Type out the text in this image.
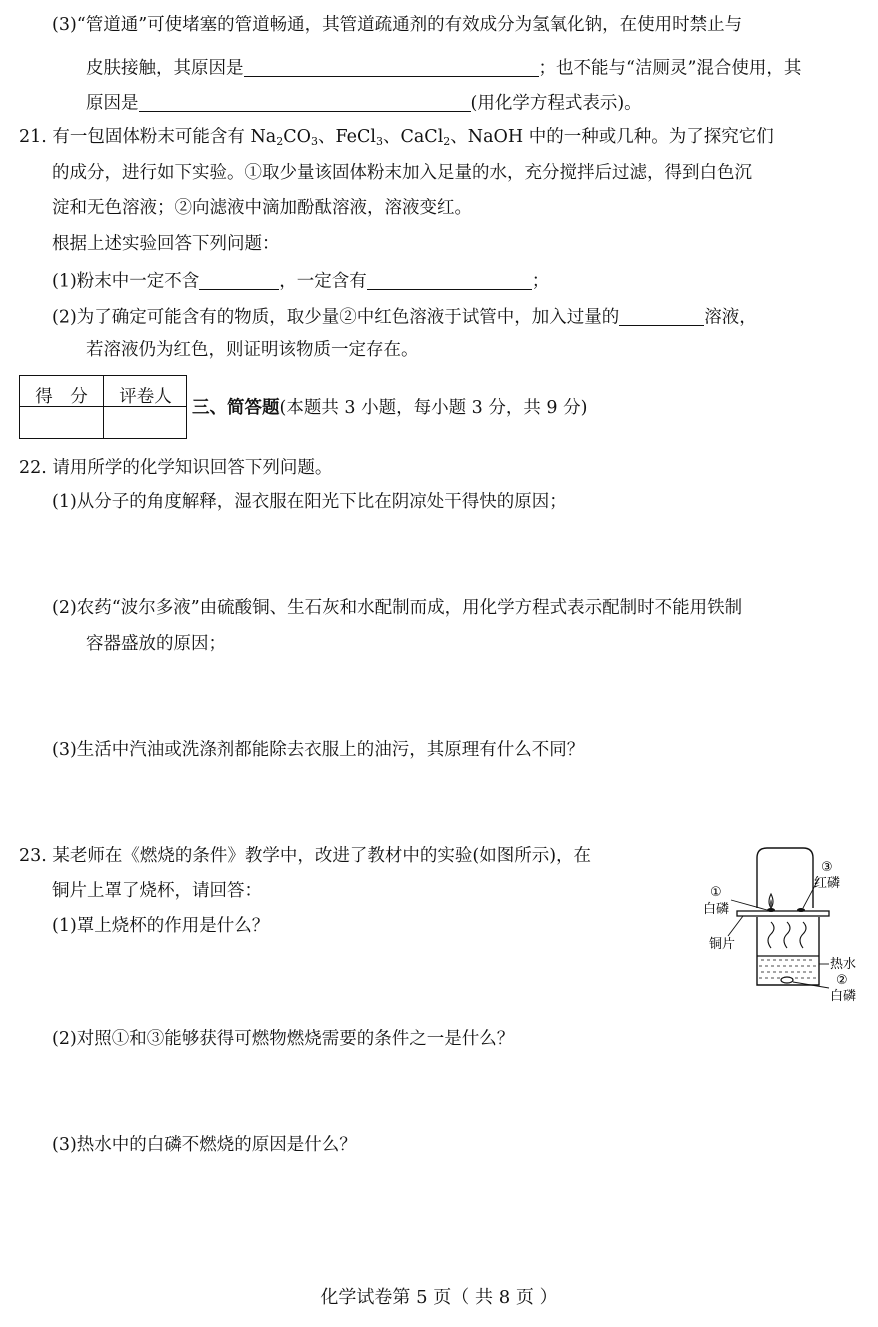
(3)“管道通”可使堵塞的管道畅通，其管道疏通剂的有效成分为氢氧化钠，在使用时禁止与
皮肤接触，其原因是	；也不能与“洁厕灵”混合使用，其
原因是	(用化学方程式表示)。
21. 有一包固体粉末可能含有 $Na_2CO_3$、FeCl$_3$、CaCl$_2$、NaOH 中的一种或几种。为了探究它们
的成分，进行如下实验。①取少量该固体粉末加入足量的水，充分搅拌后过滤，得到白色沉
淀和无色溶液；②向滤液中滴加酚酞溶液，溶液变红。
根据上述实验回答下列问题：
(1)粉末中一定不含	，一定含有	；
(2)为了确定可能含有的物质，取少量②中红色溶液于试管中，加入过量的	溶液，
若溶液仍为红色，则证明该物质一定存在。
得　分	评卷人
三、简答题(本题共 3 小题，每小题 3 分，共 9 分)
22. 请用所学的化学知识回答下列问题。
(1)从分子的角度解释，湿衣服在阳光下比在阴凉处干得快的原因；
(2)农药“波尔多液”由硫酸铜、生石灰和水配制而成，用化学方程式表示配制时不能用铁制
容器盛放的原因；
(3)生活中汽油或洗涤剂都能除去衣服上的油污，其原理有什么不同？
23. 某老师在《燃烧的条件》教学中，改进了教材中的实验(如图所示)，在
铜片上罩了烧杯，请回答：
(1)罩上烧杯的作用是什么？
(2)对照①和③能够获得可燃物燃烧需要的条件之一是什么？
(3)热水中的白磷不燃烧的原因是什么？
①
白磷
铜片
③
红磷
热水
②
白磷
化学试卷第 5 页（ 共 8 页 ）
